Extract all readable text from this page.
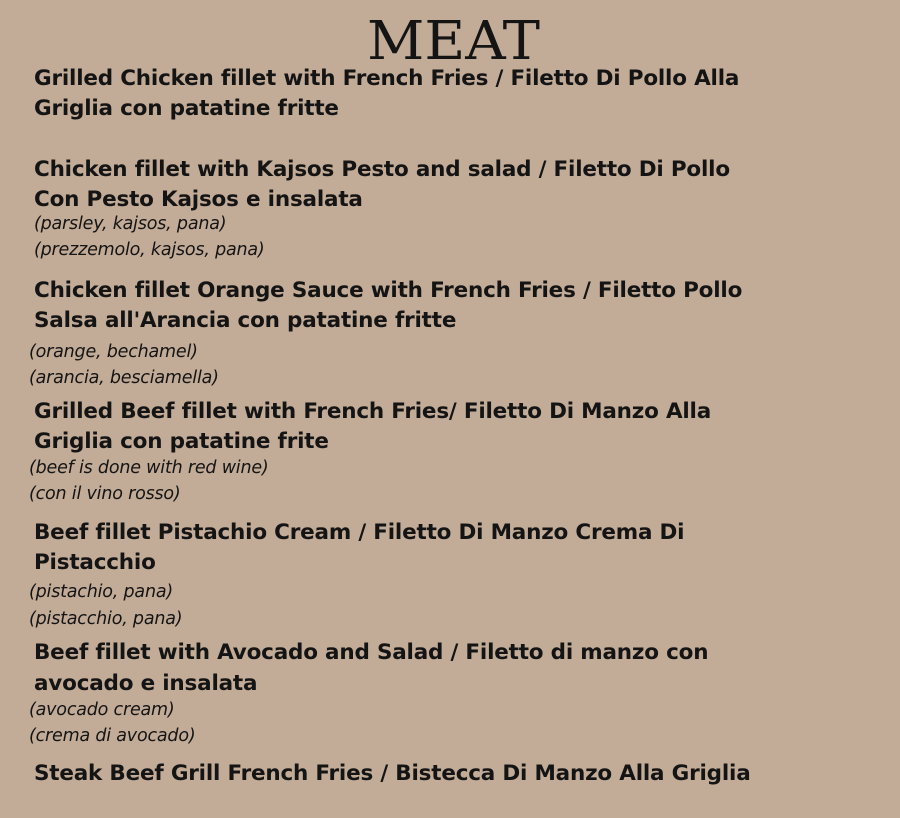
MEAT

Grilled Chicken fillet with French Fries / Filetto Di Pollo Alla

Griglia con patatine fritte

Chicken fillet with Kajsos Pesto and salad / Filetto Di Pollo

Con Pesto Kajsos e insalata

(parsley, kajsos, pana)

(prezzemolo, kajsos, pana)

Chicken fillet Orange Sauce with French Fries / Filetto Pollo

Salsa all'Arancia con patatine fritte

(orange, bechamel)

(arancia, besciamella)

Grilled Beef fillet with French Fries/ Filetto Di Manzo Alla

Griglia con patatine frite

(beef is done with red wine)

(con il vino rosso)

Beef fillet Pistachio Cream / Filetto Di Manzo Crema Di

Pistacchio

(pistachio, pana)

(pistacchio, pana)

Beef fillet with Avocado and Salad / Filetto di manzo con

avocado e insalata

(avocado cream)

(crema di avocado)

Steak Beef Grill French Fries / Bistecca Di Manzo Alla Griglia
